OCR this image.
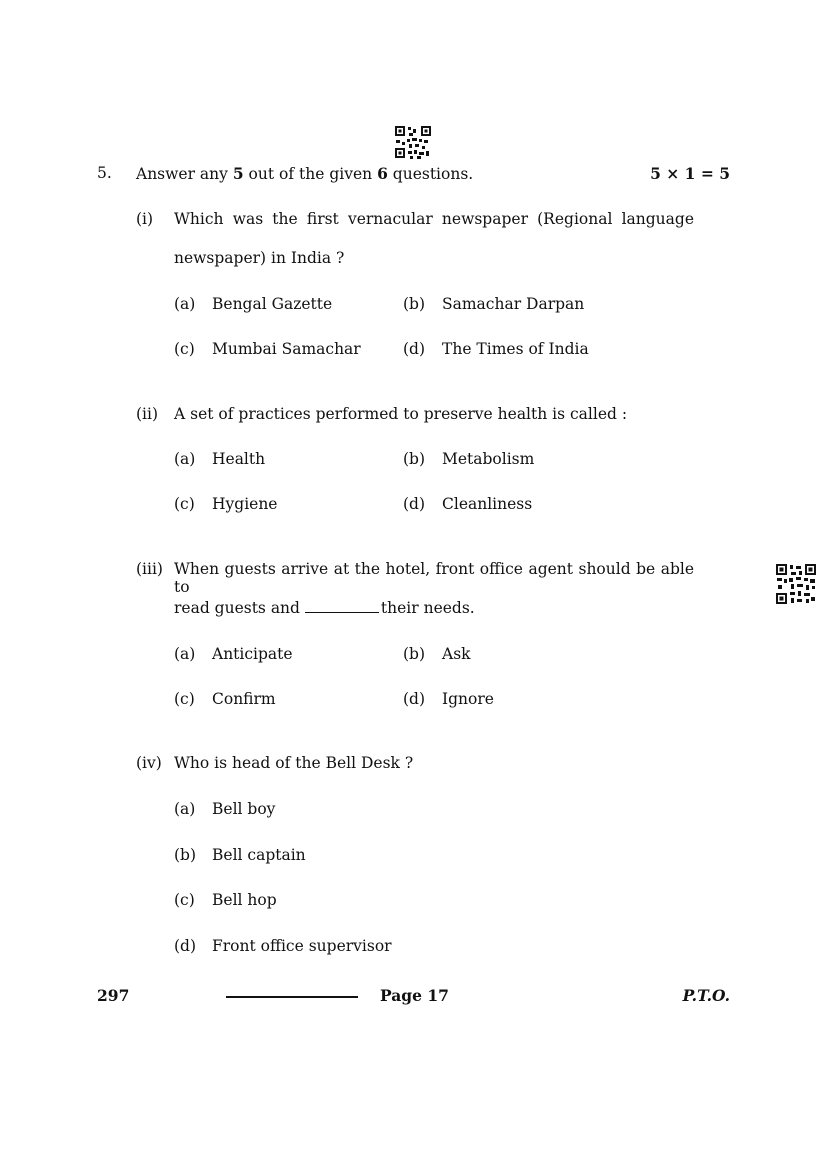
5. Answer any 5 out of the given 6 questions.	5 × 1 = 5
(i) Which was the first vernacular newspaper (Regional language
newspaper) in India ?
(a) Bengal Gazette	(b) Samachar Darpan
(c) Mumbai Samachar	(d) The Times of India
(ii) A set of practices performed to preserve health is called :
(a) Health	(b) Metabolism
(c) Hygiene	(d) Cleanliness
(iii) When guests arrive at the hotel, front office agent should be able to
read guests and	their needs.
(a) Anticipate	(b) Ask
(c) Confirm	(d) Ignore
(iv) Who is head of the Bell Desk ?
(a) Bell boy
(b) Bell captain
(c) Bell hop
(d) Front office supervisor
297	Page 17	P.T.O.
